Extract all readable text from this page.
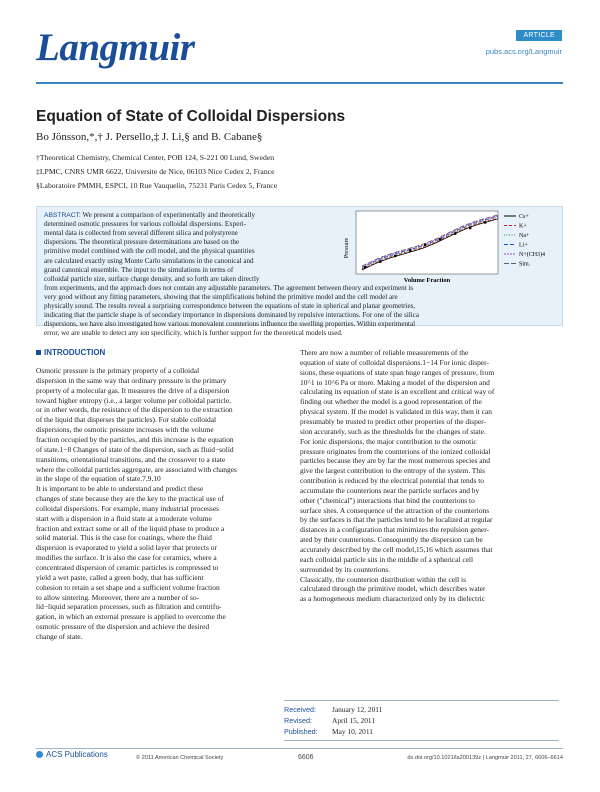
Langmuir	ARTICLE
pubs.acs.org/Langmuir
Equation of State of Colloidal Dispersions
Bo Jönsson,*,† J. Persello,‡ J. Li,§ and B. Cabane§
†Theoretical Chemistry, Chemical Center, POB 124, S-221 00 Lund, Sweden
‡LPMC, CNRS UMR 6622, Universite de Nice, 06103 Nice Cedex 2, France
§Laboratoire PMMH, ESPCI, 10 Rue Vauquelin, 75231 Paris Cedex 5, France
ABSTRACT: We present a comparison of experimentally and theoretically
determined osmotic pressures for various colloidal dispersions. Experi-
mental data is collected from several different silica and polystyrene
dispersions. The theoretical pressure determinations are based on the
primitive model combined with the cell model, and the physical quantities
are calculated exactly using Monte Carlo simulations in the canonical and
grand canonical ensemble. The input to the simulations in terms of
colloidal particle size, surface charge density, and so forth are taken directly
from experiments, and the approach does not contain any adjustable parameters. The agreement between theory and experiment is
very good without any fitting parameters, showing that the simplifications behind the primitive model and the cell model are
physically sound. The results reveal a surprising correspondence between the equations of state in spherical and planar geometries,
indicating that the particle shape is of secondary importance in dispersions dominated by repulsive interactions. For one of the silica
dispersions, we have also investigated how various monovalent counterions influence the swelling properties. Within experimental
error, we are unable to detect any ion specificity, which is further support for the theoretical models used.
Pressure
Volume Fraction
Cs+
K+
Na+
Li+
N+(CH3)4
Sim.
INTRODUCTION
Osmotic pressure is the primary property of a colloidal
dispersion in the same way that ordinary pressure is the primary
property of a molecular gas. It measures the drive of a dispersion
toward higher entropy (i.e., a larger volume per colloidal particle,
or in other words, the resistance of the dispersion to the extraction
of the liquid that disperses the particles). For stable colloidal
dispersions, the osmotic pressure increases with the volume
fraction occupied by the particles, and this increase is the equation
of state.1−8 Changes of state of the dispersion, such as fluid−solid
transitions, orientational transitions, and the crossover to a state
where the colloidal particles aggregate, are associated with changes
in the slope of the equation of state.7,9,10
It is important to be able to understand and predict these
changes of state because they are the key to the practical use of
colloidal dispersions. For example, many industrial processes
start with a dispersion in a fluid state at a moderate volume
fraction and extract some or all of the liquid phase to produce a
solid material. This is the case for coatings, where the fluid
dispersion is evaporated to yield a solid layer that protects or
modifies the surface. It is also the case for ceramics, where a
concentrated dispersion of ceramic particles is compressed to
yield a wet paste, called a green body, that has sufficient
cohesion to retain a set shape and a sufficient volume fraction
to allow sintering. Moreover, there are a number of so-
lid−liquid separation processes, such as filtration and centrifu-
gation, in which an external pressure is applied to overcome the
osmotic pressure of the dispersion and achieve the desired
change of state.
There are now a number of reliable measurements of the
equation of state of colloidal dispersions.1−14 For ionic disper-
sions, these equations of state span huge ranges of pressure, from
10^1 to 10^6 Pa or more. Making a model of the dispersion and
calculating its equation of state is an excellent and critical way of
finding out whether the model is a good representation of the
physical system. If the model is validated in this way, then it can
presumably be trusted to predict other properties of the disper-
sion accurately, such as the thresholds for the changes of state.
For ionic dispersions, the major contribution to the osmotic
pressure originates from the counterions of the ionized colloidal
particles because they are by far the most numerous species and
give the largest contribution to the entropy of the system. This
contribution is reduced by the electrical potential that tends to
accumulate the counterions near the particle surfaces and by
other ("chemical") interactions that bind the counterions to
surface sites. A consequence of the attraction of the counterions
by the surfaces is that the particles tend to be localized at regular
distances in a configuration that minimizes the repulsion gener-
ated by their counterions. Consequently the dispersion can be
accurately described by the cell model,15,16 which assumes that
each colloidal particle sits in the middle of a spherical cell
surrounded by its counterions.
Classically, the counterion distribution within the cell is
calculated through the primitive model, which describes water
as a homogeneous medium characterized only by its dielectric
Received: January 12, 2011
Revised:	April 15, 2011
Published: May 10, 2011
ACS Publications	© 2011 American Chemical Society	6606	dx.doi.org/10.1021/la200139z | Langmuir 2011, 27, 6606–6614
